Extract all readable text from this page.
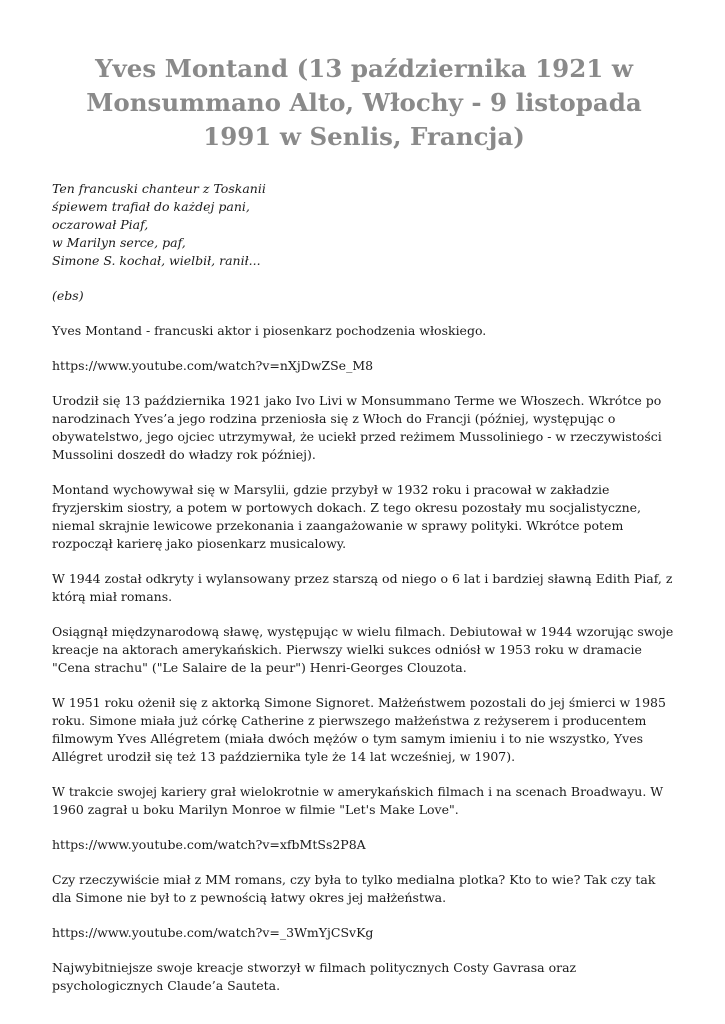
Yves Montand (13 października 1921 w Monsummano Alto, Włochy - 9 listopada 1991 w Senlis, Francja)

Ten francuski chanteur z Toskanii
śpiewem trafiał do każdej pani,
oczarował Piaf,
w Marilyn serce, paf,
Simone S. kochał, wielbił, ranił...

(ebs)

Yves Montand - francuski aktor i piosenkarz pochodzenia włoskiego.

https://www.youtube.com/watch?v=nXjDwZSe_M8

Urodził się 13 października 1921 jako Ivo Livi w Monsummano Terme we Włoszech. Wkrótce po narodzinach Yves’a jego rodzina przeniosła się z Włoch do Francji (później, występując o obywatelstwo, jego ojciec utrzymywał, że uciekł przed reżimem Mussoliniego - w rzeczywistości Mussolini doszedł do władzy rok później).

Montand wychowywał się w Marsylii, gdzie przybył w 1932 roku i pracował w zakładzie fryzjerskim siostry, a potem w portowych dokach. Z tego okresu pozostały mu socjalistyczne, niemal skrajnie lewicowe przekonania i zaangażowanie w sprawy polityki. Wkrótce potem rozpoczął karierę jako piosenkarz musicalowy.

W 1944 został odkryty i wylansowany przez starszą od niego o 6 lat i bardziej sławną Edith Piaf, z którą miał romans.

Osiągnął międzynarodową sławę, występując w wielu filmach. Debiutował w 1944 wzorując swoje kreacje na aktorach amerykańskich. Pierwszy wielki sukces odniósł w 1953 roku w dramacie "Cena strachu" ("Le Salaire de la peur") Henri-Georges Clouzota.

W 1951 roku ożenił się z aktorką Simone Signoret. Małżeństwem pozostali do jej śmierci w 1985 roku. Simone miała już córkę Catherine z pierwszego małżeństwa z reżyserem i producentem filmowym Yves Allégretem (miała dwóch mężów o tym samym imieniu i to nie wszystko, Yves Allégret urodził się też 13 października tyle że 14 lat wcześniej, w 1907).

W trakcie swojej kariery grał wielokrotnie w amerykańskich filmach i na scenach Broadwayu. W 1960 zagrał u boku Marilyn Monroe w filmie "Let's Make Love".

https://www.youtube.com/watch?v=xfbMtSs2P8A

Czy rzeczywiście miał z MM romans, czy była to tylko medialna plotka? Kto to wie? Tak czy tak dla Simone nie był to z pewnością łatwy okres jej małżeństwa.

https://www.youtube.com/watch?v=_3WmYjCSvKg

Najwybitniejsze swoje kreacje stworzył w filmach politycznych Costy Gavrasa oraz psychologicznych Claude’a Sauteta.
